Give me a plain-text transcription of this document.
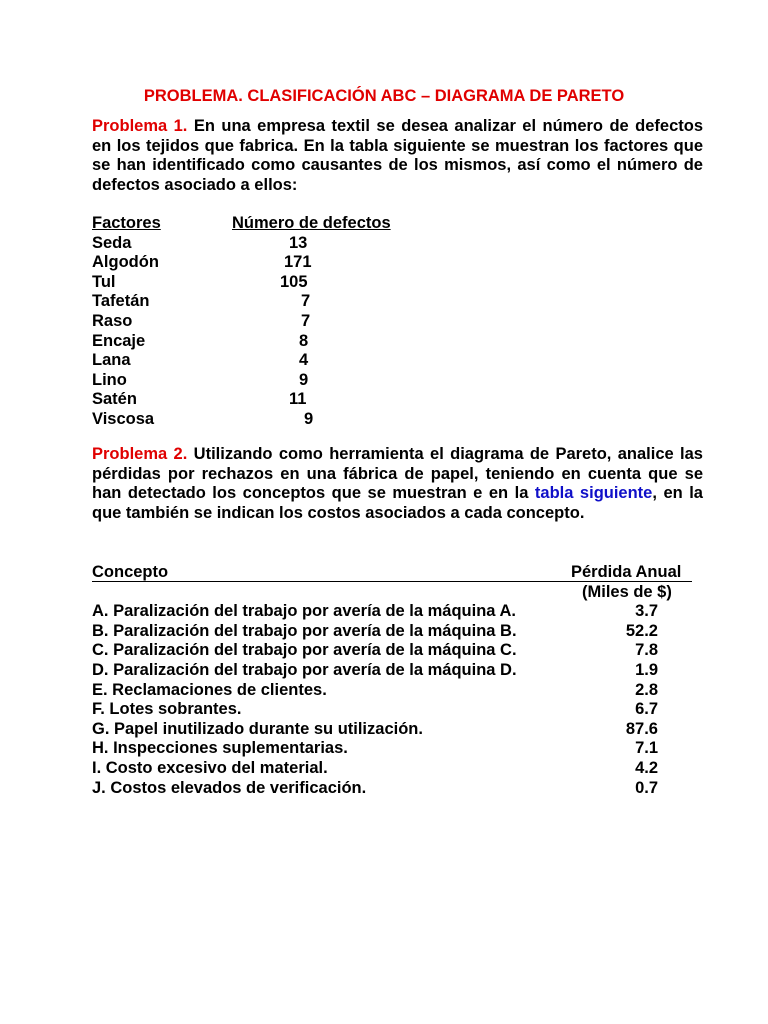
PROBLEMA. CLASIFICACIÓN ABC – DIAGRAMA DE PARETO
Problema 1. En una empresa textil se desea analizar el número de defectos en los tejidos que fabrica. En la tabla siguiente se muestran los factores que se han identificado como causantes de los mismos, así como el número de defectos asociado a ellos:
Factores	Número de defectos
Seda	13
Algodón	171
Tul	105
Tafetán	7
Raso	7
Encaje	8
Lana	4
Lino	9
Satén	11
Viscosa	9
Problema 2. Utilizando como herramienta el diagrama de Pareto, analice las pérdidas por rechazos en una fábrica de papel, teniendo en cuenta que se han detectado los conceptos que se muestran e en la tabla siguiente, en la que también se indican los costos asociados a cada concepto.
Concepto	Pérdida Anual
(Miles de $)
A. Paralización del trabajo por avería de la máquina A.	3.7
B. Paralización del trabajo por avería de la máquina B.	52.2
C. Paralización del trabajo por avería de la máquina C.	7.8
D. Paralización del trabajo por avería de la máquina D.	1.9
E. Reclamaciones de clientes.	2.8
F. Lotes sobrantes.	6.7
G. Papel inutilizado durante su utilización.	87.6
H. Inspecciones suplementarias.	7.1
I. Costo excesivo del material.	4.2
J. Costos elevados de verificación.	0.7
